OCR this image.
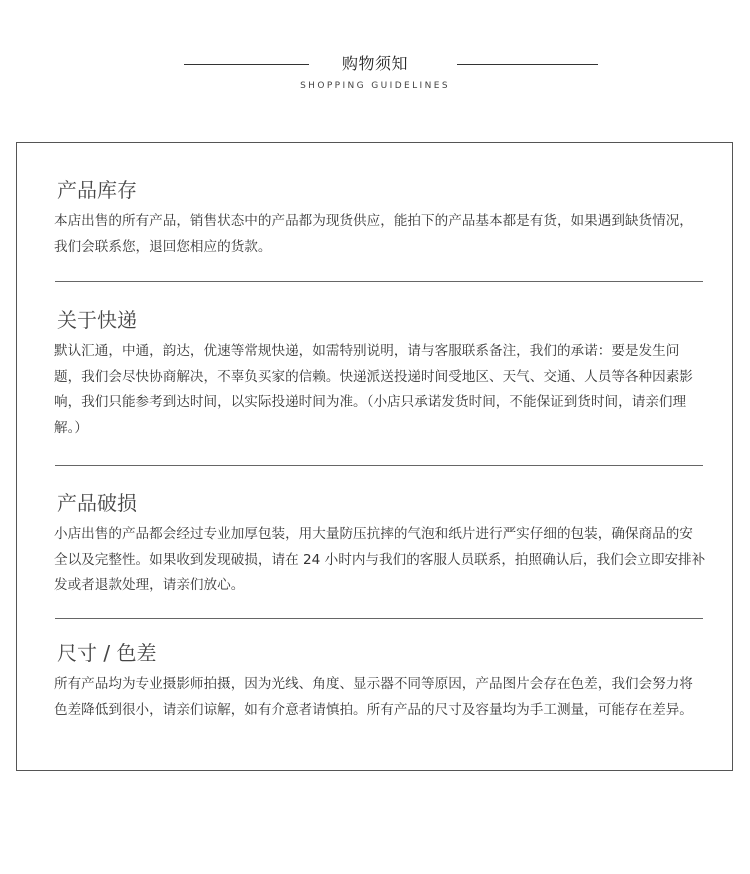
购物须知
SHOPPING GUIDELINES
产品库存
本店出售的所有产品，销售状态中的产品都为现货供应，能拍下的产品基本都是有货，如果遇到缺货情况，我们会联系您，退回您相应的货款。
关于快递
默认汇通，中通，韵达，优速等常规快递，如需特别说明，请与客服联系备注，我们的承诺：要是发生问题，我们会尽快协商解决，不辜负买家的信赖。快递派送投递时间受地区、天气、交通、人员等各种因素影响，我们只能参考到达时间，以实际投递时间为准。（小店只承诺发货时间，不能保证到货时间，请亲们理解。）
产品破损
小店出售的产品都会经过专业加厚包装，用大量防压抗摔的气泡和纸片进行严实仔细的包装，确保商品的安全以及完整性。如果收到发现破损，请在 24 小时内与我们的客服人员联系，拍照确认后，我们会立即安排补发或者退款处理，请亲们放心。
尺寸 / 色差
所有产品均为专业摄影师拍摄，因为光线、角度、显示器不同等原因，产品图片会存在色差，我们会努力将色差降低到很小，请亲们谅解，如有介意者请慎拍。所有产品的尺寸及容量均为手工测量，可能存在差异。
